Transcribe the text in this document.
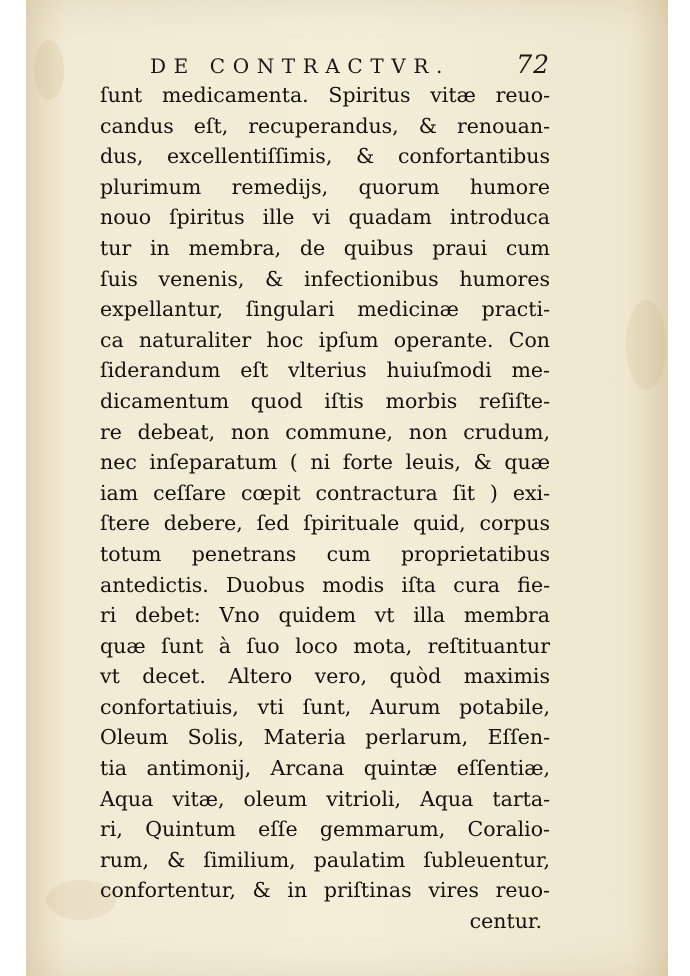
DE CONTRACTVR.	72
ſunt medicamenta. Spiritus vitæ reuo-
candus eſt, recuperandus, & renouan-
dus, excellentiſſimis, & confortantibus
plurimum remedijs, quorum humore
nouo ſpiritus ille vi quadam introduca
tur in membra, de quibus praui cum
ſuis venenis, & infectionibus humores
expellantur, ſingulari medicinæ practi-
ca naturaliter hoc ipſum operante. Con
ſiderandum eſt vlterius huiuſmodi me-
dicamentum quod iſtis morbis reſiſte-
re debeat, non commune, non crudum,
nec inſeparatum ( ni forte leuis, & quæ
iam ceſſare cœpit contractura ſit ) exi-
ſtere debere, ſed ſpirituale quid, corpus
totum penetrans cum proprietatibus
antedictis. Duobus modis iſta cura fie-
ri debet: Vno quidem vt illa membra
quæ ſunt à ſuo loco mota, reſtituantur
vt decet. Altero vero, quòd maximis
confortatiuis, vti ſunt, Aurum potabile,
Oleum Solis, Materia perlarum, Eſſen-
tia antimonij, Arcana quintæ eſſentiæ,
Aqua vitæ, oleum vitrioli, Aqua tarta-
ri, Quintum eſſe gemmarum, Coralio-
rum, & ſimilium, paulatim ſubleuentur,
confortentur, & in priſtinas vires reuo-
centur.
